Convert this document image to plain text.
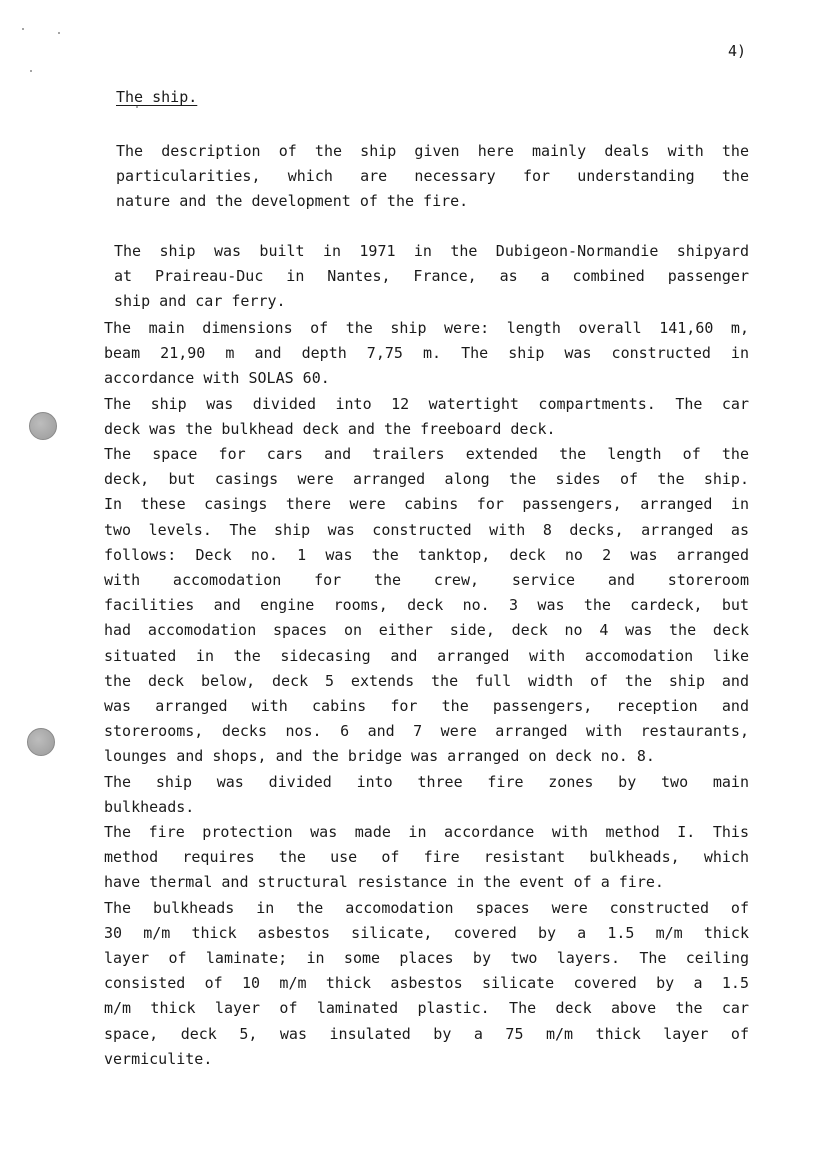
4)
The ship.
The description of the ship given here mainly deals with the
particularities, which are necessary for understanding the
nature and the development of the fire.
The ship was built in 1971 in the Dubigeon-Normandie shipyard
at Praireau-Duc in Nantes, France, as a combined passenger
ship and car ferry.
The main dimensions of the ship were: length overall 141,60 m,
beam 21,90 m and depth 7,75 m. The ship was constructed in
accordance with SOLAS 60.
The ship was divided into 12 watertight compartments. The car
deck was the bulkhead deck and the freeboard deck.
The space for cars and trailers extended the length of the
deck, but casings were arranged along the sides of the ship.
In these casings there were cabins for passengers, arranged in
two levels. The ship was constructed with 8 decks, arranged as
follows: Deck no. 1 was the tanktop, deck no 2 was arranged
with accomodation for the crew, service and storeroom
facilities and engine rooms, deck no. 3 was the cardeck, but
had accomodation spaces on either side, deck no 4 was the deck
situated in the sidecasing and arranged with accomodation like
the deck below, deck 5 extends the full width of the ship and
was arranged with cabins for the passengers, reception and
storerooms, decks nos. 6 and 7 were arranged with restaurants,
lounges and shops, and the bridge was arranged on deck no. 8.
The ship was divided into three fire zones by two main
bulkheads.
The fire protection was made in accordance with method I. This
method requires the use of fire resistant bulkheads, which
have thermal and structural resistance in the event of a fire.
The bulkheads in the accomodation spaces were constructed of
30 m/m thick asbestos silicate, covered by a 1.5 m/m thick
layer of laminate; in some places by two layers. The ceiling
consisted of 10 m/m thick asbestos silicate covered by a 1.5
m/m thick layer of laminated plastic. The deck above the car
space, deck 5, was insulated by a 75 m/m thick layer of
vermiculite.
